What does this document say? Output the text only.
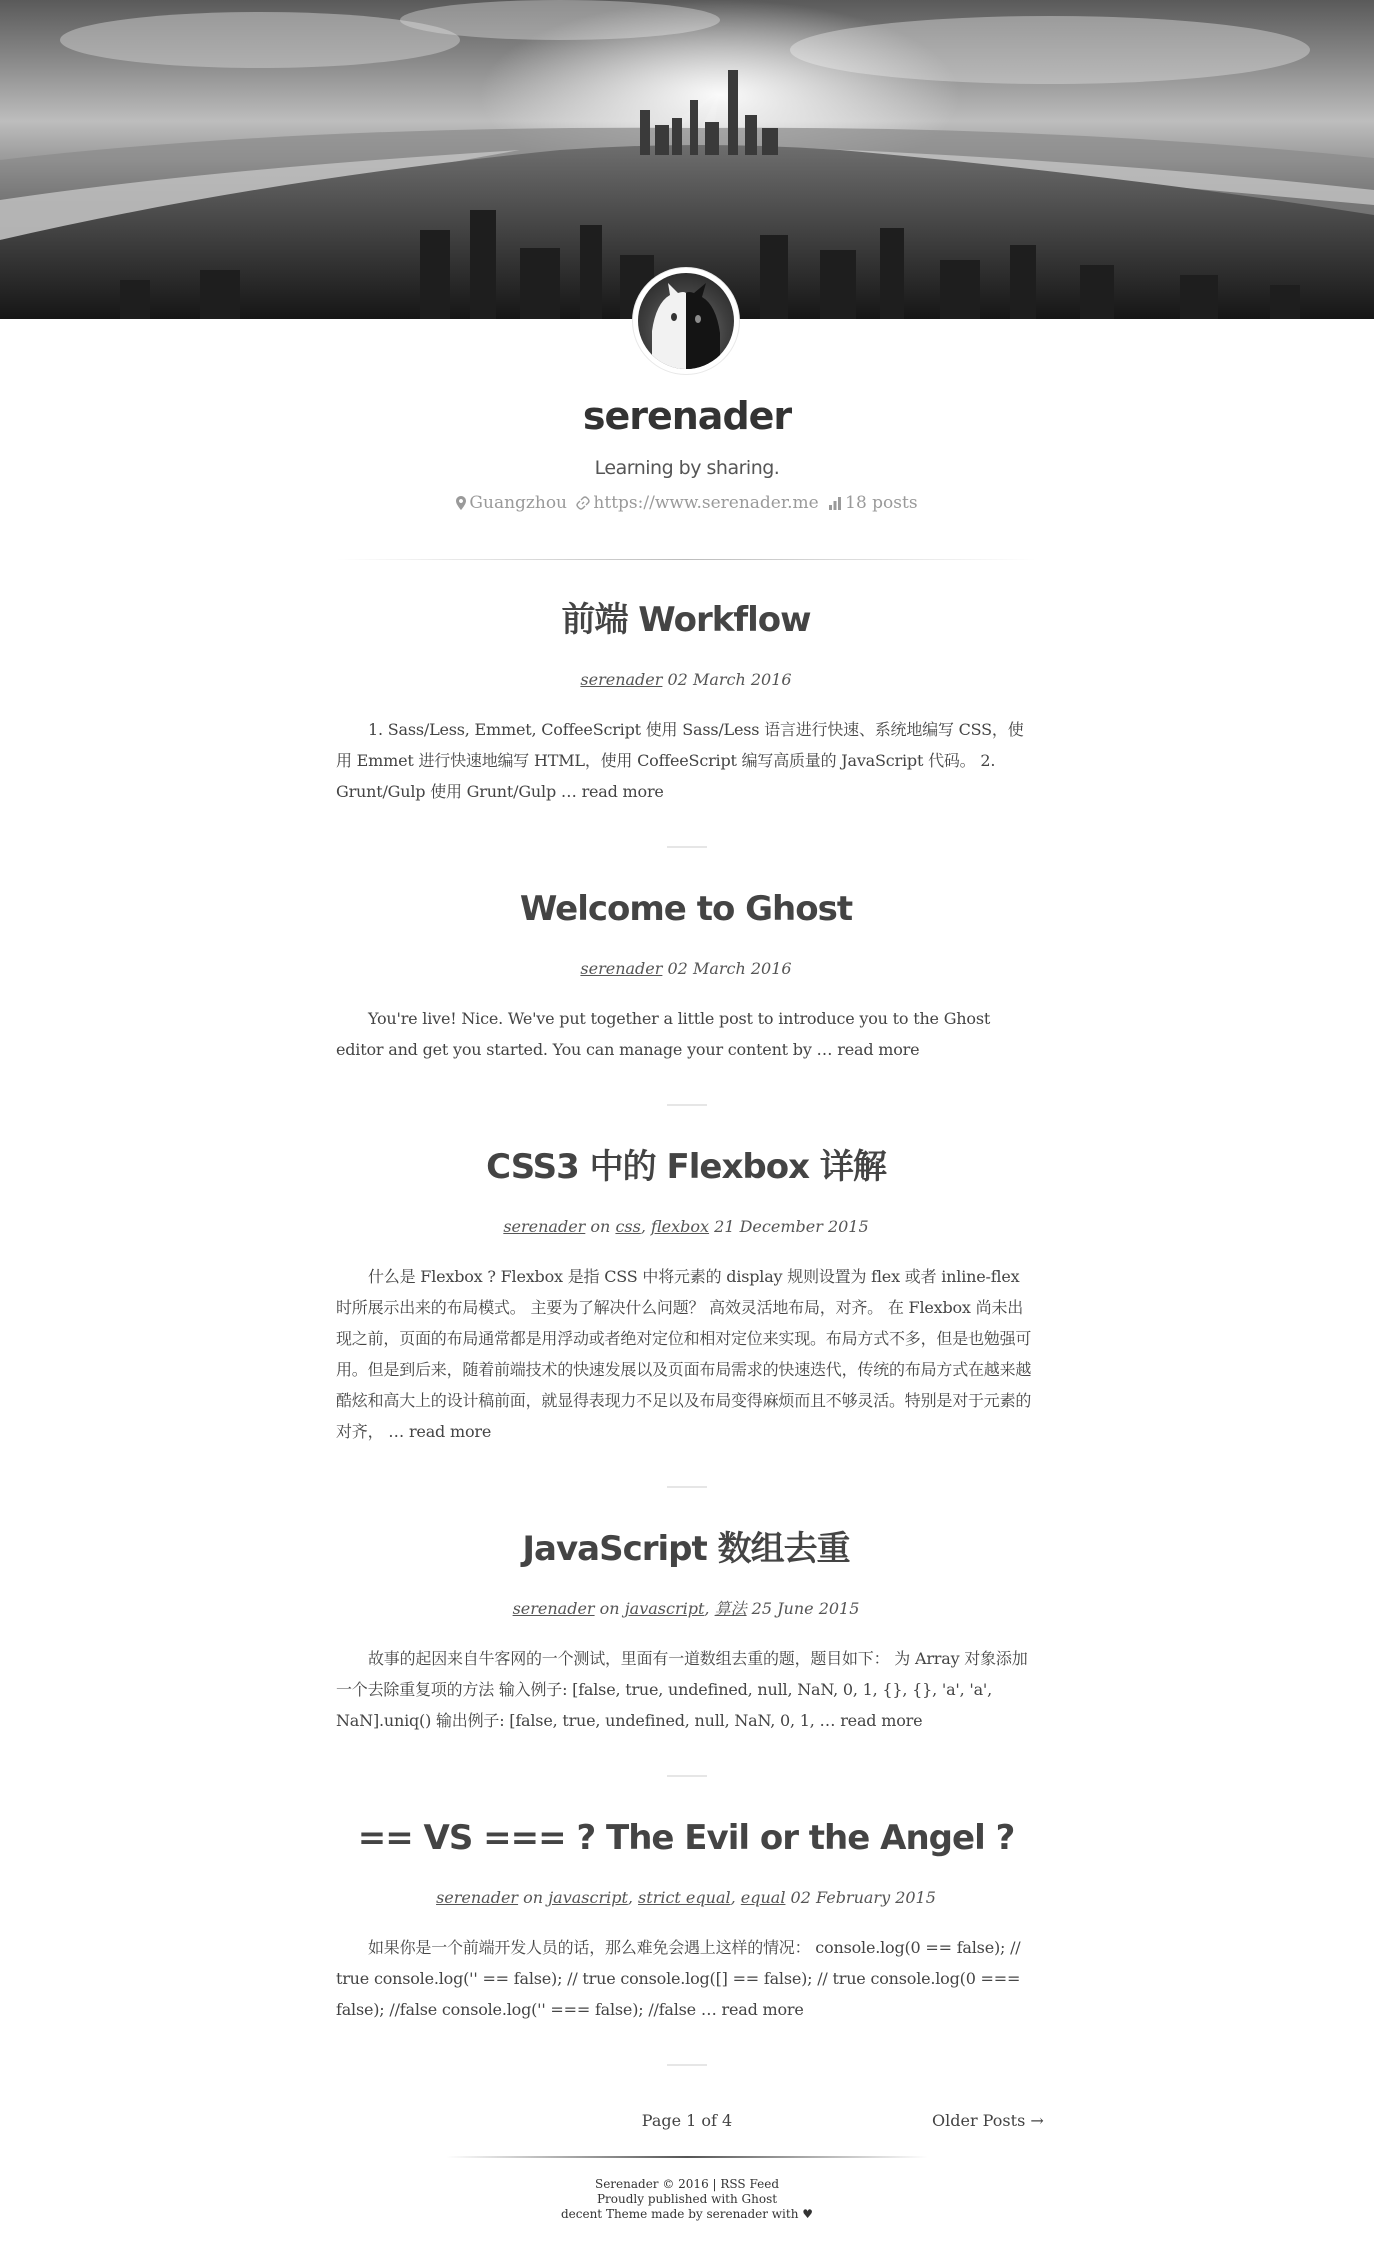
serenader
Learning by sharing.
Guangzhou https://www.serenader.me 18 posts
前端 Workflow
serenader 02 March 2016

1. Sass/Less, Emmet, CoffeeScript 使用 Sass/Less 语言进行快速、系统地编写 CSS，使用 Emmet 进行快速地编写 HTML，使用 CoffeeScript 编写高质量的 JavaScript 代码。 2. Grunt/Gulp 使用 Grunt/Gulp … read more

Welcome to Ghost
serenader 02 March 2016

You're live! Nice. We've put together a little post to introduce you to the Ghost editor and get you started. You can manage your content by … read more

CSS3 中的 Flexbox 详解
serenader on css, flexbox 21 December 2015

什么是 Flexbox ? Flexbox 是指 CSS 中将元素的 display 规则设置为 flex 或者 inline-flex 时所展示出来的布局模式。 主要为了解决什么问题？ 高效灵活地布局，对齐。 在 Flexbox 尚未出现之前，页面的布局通常都是用浮动或者绝对定位和相对定位来实现。布局方式不多，但是也勉强可用。但是到后来，随着前端技术的快速发展以及页面布局需求的快速迭代，传统的布局方式在越来越酷炫和高大上的设计稿前面，就显得表现力不足以及布局变得麻烦而且不够灵活。特别是对于元素的对齐， … read more

JavaScript 数组去重
serenader on javascript, 算法 25 June 2015

故事的起因来自牛客网的一个测试，里面有一道数组去重的题，题目如下： 为 Array 对象添加一个去除重复项的方法 输入例子: [false, true, undefined, null, NaN, 0, 1, {}, {}, 'a', 'a', NaN].uniq() 输出例子: [false, true, undefined, null, NaN, 0, 1, … read more

== VS === ? The Evil or the Angel ?
serenader on javascript, strict equal, equal 02 February 2015

如果你是一个前端开发人员的话，那么难免会遇上这样的情况： console.log(0 == false); // true console.log('' == false); // true console.log([] == false); // true console.log(0 === false); //false console.log('' === false); //false … read more

Page 1 of 4	Older Posts →
Serenader © 2016 | RSS Feed
Proudly published with Ghost
decent Theme made by serenader with ♥
